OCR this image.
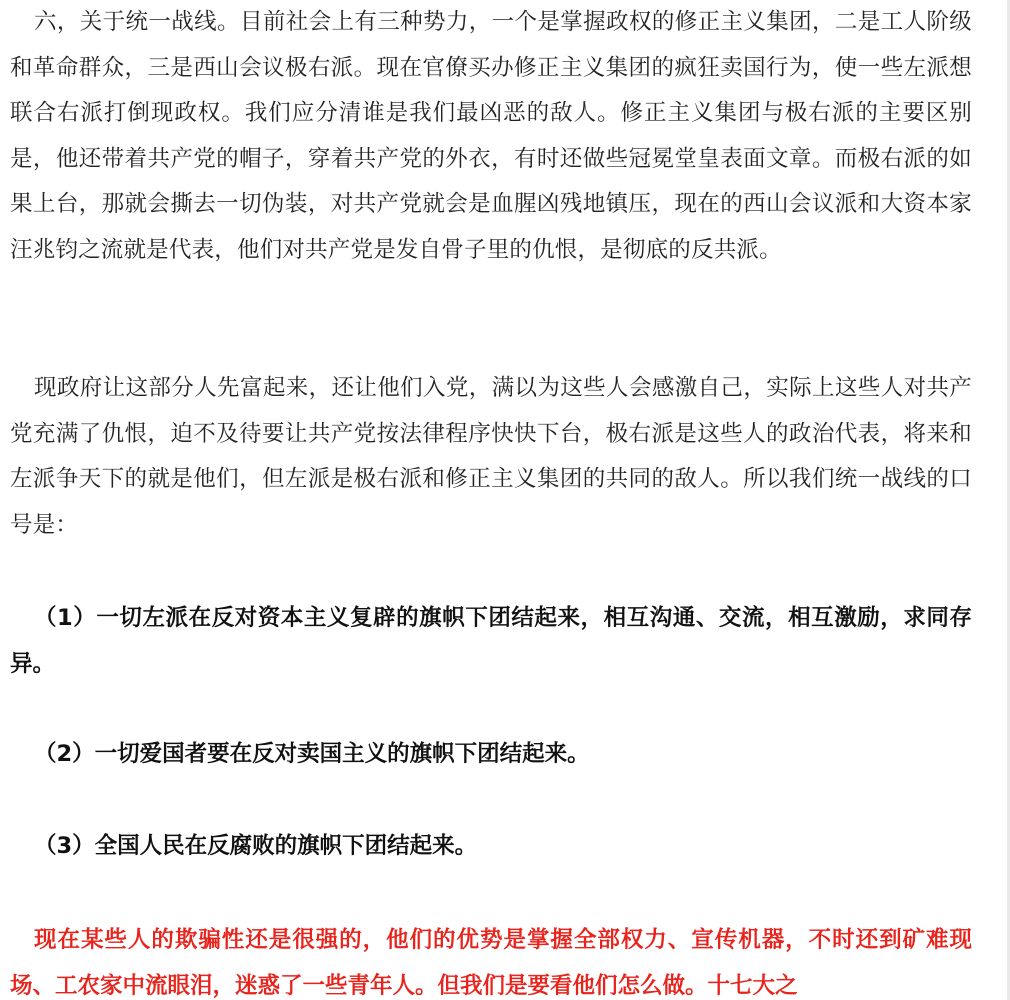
六，关于统一战线。目前社会上有三种势力，一个是掌握政权的修正主义集团，二是工人阶级和革命群众，三是西山会议极右派。现在官僚买办修正主义集团的疯狂卖国行为，使一些左派想联合右派打倒现政权。我们应分清谁是我们最凶恶的敌人。修正主义集团与极右派的主要区别是，他还带着共产党的帽子，穿着共产党的外衣，有时还做些冠冕堂皇表面文章。而极右派的如果上台，那就会撕去一切伪装，对共产党就会是血腥凶残地镇压，现在的西山会议派和大资本家汪兆钧之流就是代表，他们对共产党是发自骨子里的仇恨，是彻底的反共派。

现政府让这部分人先富起来，还让他们入党，满以为这些人会感激自己，实际上这些人对共产党充满了仇恨，迫不及待要让共产党按法律程序快快下台，极右派是这些人的政治代表，将来和左派争天下的就是他们，但左派是极右派和修正主义集团的共同的敌人。所以我们统一战线的口号是：

（1）一切左派在反对资本主义复辟的旗帜下团结起来，相互沟通、交流，相互激励，求同存异。

（2）一切爱国者要在反对卖国主义的旗帜下团结起来。

（3）全国人民在反腐败的旗帜下团结起来。

现在某些人的欺骗性还是很强的，他们的优势是掌握全部权力、宣传机器，不时还到矿难现场、工农家中流眼泪，迷惑了一些青年人。但我们是要看他们怎么做。十七大之
